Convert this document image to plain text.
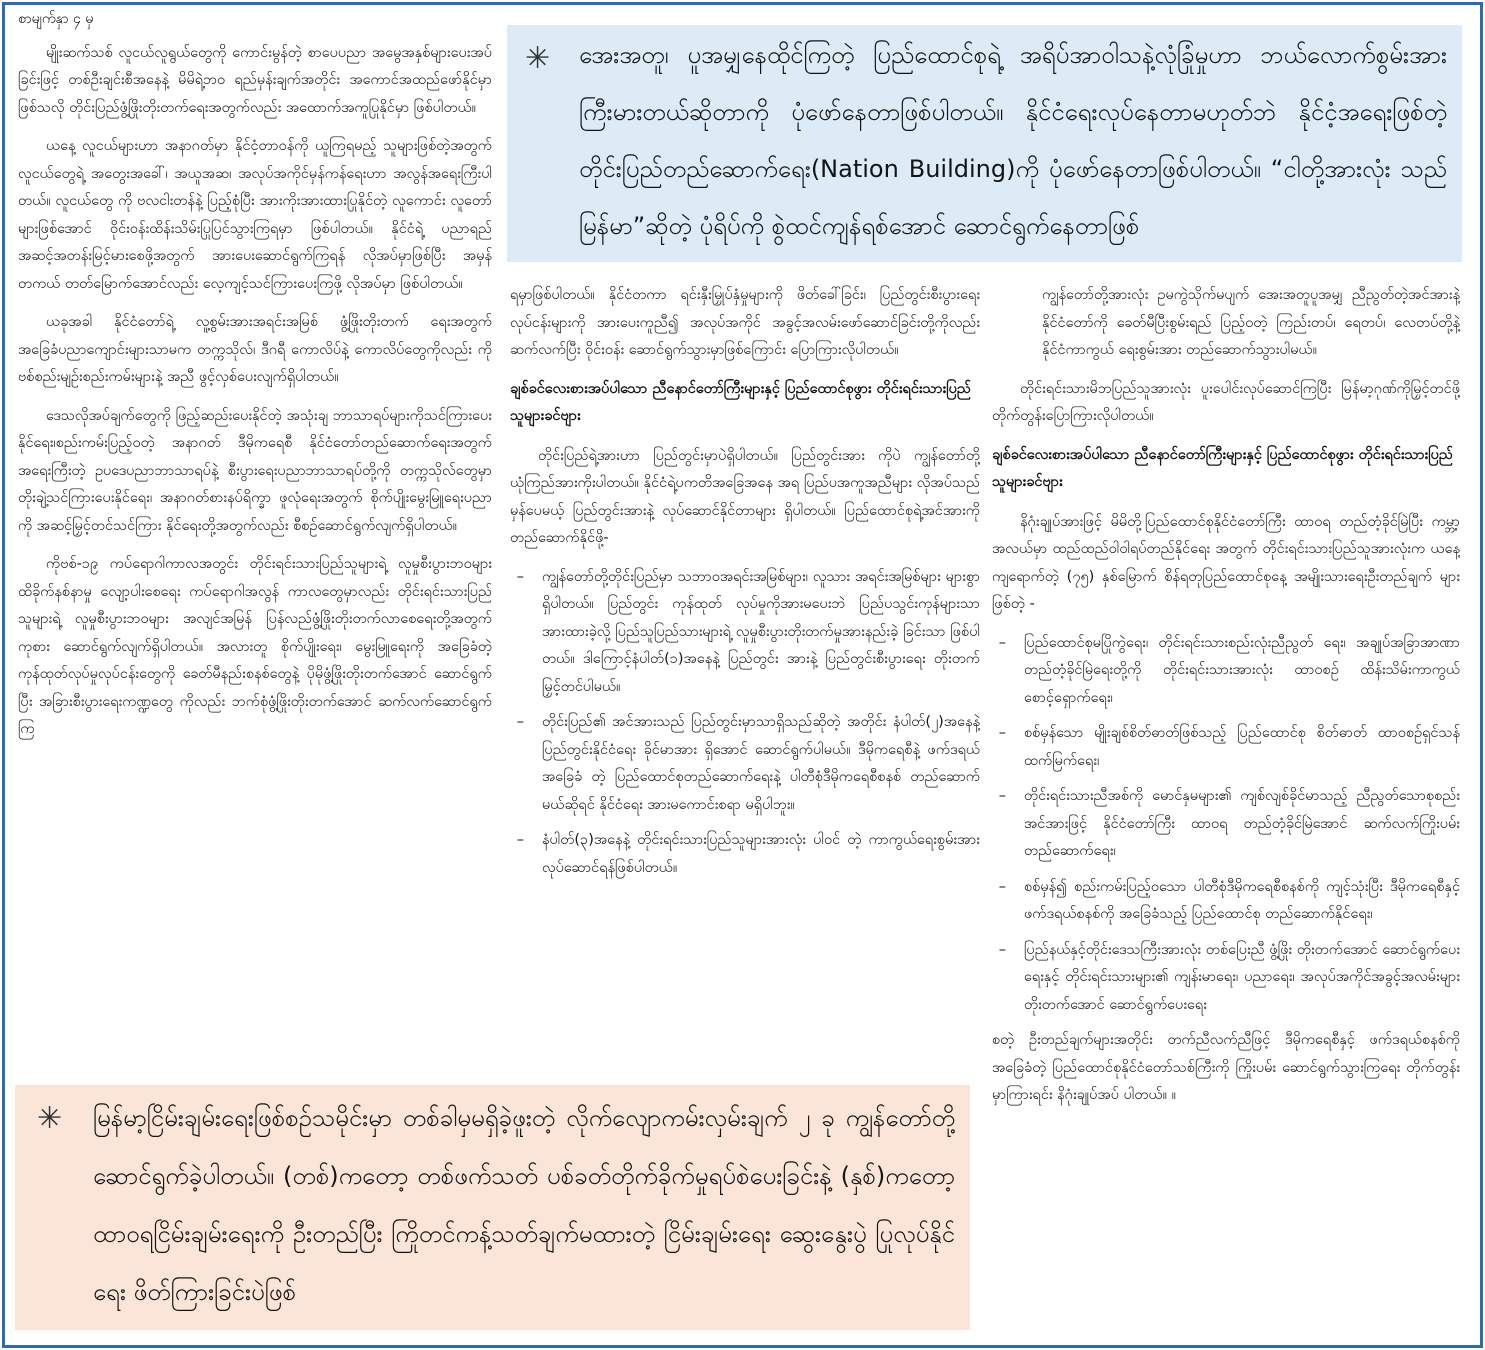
စာမျက်နှာ ၄ မှ

မျိုးဆက်သစ် လူငယ်လူရွယ်တွေကို ကောင်းမွန်တဲ့ စာပေပညာ အမွေအနှစ်များပေးအပ်ခြင်းဖြင့် တစ်ဦးချင်းစီအနေနဲ့ မိမိရဲ့ဘဝ ရည်မှန်းချက်အတိုင်း အကောင်အထည်ဖော်နိုင်မှာဖြစ်သလို တိုင်းပြည်ဖွံ့ဖြိုးတိုးတက်ရေးအတွက်လည်း အထောက်အကူပြုနိုင်မှာ ဖြစ်ပါတယ်။

ယနေ့ လူငယ်များဟာ အနာဂတ်မှာ နိုင်ငံ့တာဝန်ကို ယူကြရမည့် သူများဖြစ်တဲ့အတွက် လူငယ်တွေရဲ့ အတွေးအခေါ်၊ အယူအဆ၊ အလုပ်အကိုင်မှန်ကန်ရေးဟာ အလွန်အရေးကြီးပါတယ်။ လူငယ်တွေ ကို ဗလငါးတန်နဲ့ ပြည့်စုံပြီး အားကိုးအားထားပြုနိုင်တဲ့ လူကောင်း လူတော်များဖြစ်အောင် ဝိုင်းဝန်းထိန်းသိမ်းပြုပြင်သွားကြရမှာ ဖြစ်ပါတယ်။ နိုင်ငံရဲ့ ပညာရည်အဆင့်အတန်းမြင့်မားစေဖို့အတွက် အားပေးဆောင်ရွက်ကြရန် လိုအပ်မှာဖြစ်ပြီး အမှန်တကယ် တတ်မြောက်အောင်လည်း လေ့ကျင့်သင်ကြားပေးကြဖို့ လိုအပ်မှာ ဖြစ်ပါတယ်။

ယခုအခါ နိုင်ငံတော်ရဲ့ လူ့စွမ်းအားအရင်းအမြစ် ဖွံ့ဖြိုးတိုးတက် ရေးအတွက် အခြေခံပညာကျောင်းများသာမက တက္ကသိုလ်၊ ဒီဂရီ ကောလိပ်နဲ့ ကောလိပ်တွေကိုလည်း ကိုဗစ်စည်းမျဉ်းစည်းကမ်းများနဲ့ အညီ ဖွင့်လှစ်ပေးလျက်ရှိပါတယ်။

ဒေသလိုအပ်ချက်တွေကို ဖြည့်ဆည်းပေးနိုင်တဲ့ အသုံးချ ဘာသာရပ်များကိုသင်ကြားပေးနိုင်ရေး၊စည်းကမ်းပြည့်ဝတဲ့ အနာဂတ် ဒီမိုကရေစီ နိုင်ငံတော်တည်ဆောက်ရေးအတွက် အရေးကြီးတဲ့ ဥပဒေပညာဘာသာရပ်နဲ့ စီးပွားရေးပညာဘာသာရပ်တို့ကို တက္ကသိုလ်တွေမှာ တိုးချဲ့သင်ကြားပေးနိုင်ရေး၊ အနာဂတ်စားနပ်ရိက္ခာ ဖူလုံရေးအတွက် စိုက်ပျိုးမွေးမြူရေးပညာကို အဆင့်မြှင့်တင်သင်ကြား နိုင်ရေးတို့အတွက်လည်း စီစဉ်ဆောင်ရွက်လျက်ရှိပါတယ်။

ကိုဗစ်-၁၉ ကပ်ရောဂါကာလအတွင်း တိုင်းရင်းသားပြည်သူများရဲ့ လူမှုစီးပွားဘဝများ ထိခိုက်နစ်နာမှု လျော့ပါးစေရေး ကပ်ရောဂါအလွန် ကာလတွေမှာလည်း တိုင်းရင်းသားပြည်သူများရဲ့ လူမှုစီးပွားဘဝများ အလျင်အမြန် ပြန်လည်ဖွံ့ဖြိုးတိုးတက်လာစေရေးတို့အတွက် ကုစား ဆောင်ရွက်လျက်ရှိပါတယ်။ အလားတူ စိုက်ပျိုးရေး၊ မွေးမြူရေးကို အခြေခံတဲ့ ကုန်ထုတ်လုပ်မှုလုပ်ငန်းတွေကို ခေတ်မီနည်းစနစ်တွေနဲ့ ပိုမိုဖွံ့ဖြိုးတိုးတက်အောင် ဆောင်ရွက်ပြီး အခြားစီးပွားရေးကဏ္ဍတွေ ကိုလည်း ဘက်စုံဖွံ့ဖြိုးတိုးတက်အောင် ဆက်လက်ဆောင်ရွက်ကြ

✳ အေးအတူ၊ ပူအမျှနေထိုင်ကြတဲ့ ပြည်ထောင်စုရဲ့ အရိပ်အာဝါသနဲ့လုံခြုံမှုဟာ ဘယ်လောက်စွမ်းအား ကြီးမားတယ်ဆိုတာကို ပုံဖော်နေတာဖြစ်ပါတယ်။ နိုင်ငံရေးလုပ်နေတာမဟုတ်ဘဲ နိုင်ငံ့အရေးဖြစ်တဲ့ တိုင်းပြည်တည်ဆောက်ရေး(Nation Building)ကို ပုံဖော်နေတာဖြစ်ပါတယ်။ “ငါတို့အားလုံး သည် မြန်မာ”ဆိုတဲ့ ပုံရိပ်ကို စွဲထင်ကျန်ရစ်အောင် ဆောင်ရွက်နေတာဖြစ်

ရမှာဖြစ်ပါတယ်။ နိုင်ငံတကာ ရင်းနှီးမြှုပ်နှံမှုများကို ဖိတ်ခေါ်ခြင်း၊ ပြည်တွင်းစီးပွားရေးလုပ်ငန်းများကို အားပေးကူညီ၍ အလုပ်အကိုင် အခွင့်အလမ်းဖော်ဆောင်ခြင်းတို့ကိုလည်း ဆက်လက်ပြီး ဝိုင်းဝန်း ဆောင်ရွက်သွားမှာဖြစ်ကြောင်း ပြောကြားလိုပါတယ်။

ချစ်ခင်လေးစားအပ်ပါသော ညီနောင်တော်ကြီးများနှင့် ပြည်ထောင်စုဖွား တိုင်းရင်းသားပြည်သူများခင်ဗျား

တိုင်းပြည်ရဲ့အားဟာ ပြည်တွင်းမှာပဲရှိပါတယ်။ ပြည်တွင်းအား ကိုပဲ ကျွန်တော်တို့ယုံကြည်အားကိုးပါတယ်။ နိုင်ငံရဲ့ပကတိအခြေအနေ အရ ပြည်ပအကူအညီများ လိုအပ်သည်မှန်ပေမယ့် ပြည်တွင်းအားနဲ့ လုပ်ဆောင်နိုင်တာများ ရှိပါတယ်။ ပြည်ထောင်စုရဲ့အင်အားကို တည်ဆောက်နိုင်ဖို့-

–	ကျွန်တော်တို့တိုင်းပြည်မှာ သဘာဝအရင်းအမြစ်များ၊ လူသား အရင်းအမြစ်များ များစွာရှိပါတယ်။ ပြည်တွင်း ကုန်ထုတ် လုပ်မှုကိုအားမပေးဘဲ ပြည်ပသွင်းကုန်များသာ အားထားခဲ့လို့ ပြည်သူပြည်သားများရဲ့ လူမှုစီးပွားတိုးတက်မှုအားနည်းခဲ့ ခြင်းသာ ဖြစ်ပါတယ်။ ဒါကြောင့်နံပါတ်(၁)အနေနဲ့ ပြည်တွင်း အားနဲ့ ပြည်တွင်းစီးပွားရေး တိုးတက်မြှင့်တင်ပါမယ်။
–	တိုင်းပြည်၏ အင်အားသည် ပြည်တွင်းမှာသာရှိသည်ဆိုတဲ့ အတိုင်း နံပါတ်(၂)အနေနဲ့ ပြည်တွင်းနိုင်ငံရေး ခိုင်မာအား ရှိအောင် ဆောင်ရွက်ပါမယ်။ ဒီမိုကရေစီနဲ့ ဖက်ဒရယ်အခြေခံ တဲ့ ပြည်ထောင်စုတည်ဆောက်ရေးနဲ့ ပါတီစုံဒီမိုကရေစီစနစ် တည်ဆောက်မယ်ဆိုရင် နိုင်ငံရေး အားမကောင်းစရာ မရှိပါဘူး။
–	နံပါတ်(၃)အနေနဲ့ တိုင်းရင်းသားပြည်သူများအားလုံး ပါဝင် တဲ့ ကာကွယ်ရေးစွမ်းအား လုပ်ဆောင်ရန်ဖြစ်ပါတယ်။

ကျွန်တော်တို့အားလုံး ဥမကွဲသိုက်မပျက် အေးအတူပူအမျှ ညီညွတ်တဲ့အင်အားနဲ့ နိုင်ငံတော်ကို ခေတ်မီပြီးစွမ်းရည် ပြည့်ဝတဲ့ ကြည်းတပ်၊ ရေတပ်၊ လေတပ်တို့နဲ့ နိုင်ငံကာကွယ် ရေးစွမ်းအား တည်ဆောက်သွားပါမယ်။

တိုင်းရင်းသားမိဘပြည်သူအားလုံး ပူးပေါင်းလုပ်ဆောင်ကြပြီး မြန်မာ့ဂုဏ်ကိုမြှင့်တင်ဖို့ တိုက်တွန်းပြောကြားလိုပါတယ်။

ချစ်ခင်လေးစားအပ်ပါသော ညီနောင်တော်ကြီးများနှင့် ပြည်ထောင်စုဖွား တိုင်းရင်းသားပြည်သူများခင်ဗျား

နိဂုံးချုပ်အားဖြင့် မိမိတို့ပြည်ထောင်စုနိုင်ငံတော်ကြီး ထာဝရ တည်တံ့ခိုင်မြဲပြီး ကမ္ဘာ့အလယ်မှာ ထည်ထည်ဝါဝါရပ်တည်နိုင်ရေး အတွက် တိုင်းရင်းသားပြည်သူအားလုံးက ယနေ့ကျရောက်တဲ့ (၇၅) နှစ်မြောက် စိန်ရတုပြည်ထောင်စုနေ့ အမျိုးသားရေးဦးတည်ချက် များ ဖြစ်တဲ့ -

–	ပြည်ထောင်စုမပြိုကွဲရေး၊ တိုင်းရင်းသားစည်းလုံးညီညွတ် ရေး၊ အချုပ်အခြာအာဏာ တည်တံ့ခိုင်မြဲရေးတို့ကို တိုင်းရင်းသားအားလုံး ထာဝစဉ် ထိန်းသိမ်းကာကွယ် စောင့်ရှောက်ရေး၊
–	စစ်မှန်သော မျိုးချစ်စိတ်ဓာတ်ဖြစ်သည့် ပြည်ထောင်စု စိတ်ဓာတ် ထာဝစဉ်ရှင်သန်ထက်မြက်ရေး၊
–	တိုင်းရင်းသားညီအစ်ကို မောင်နှမများ၏ ကျစ်လျစ်ခိုင်မာသည့် ညီညွတ်သောစုစည်းအင်အားဖြင့် နိုင်ငံတော်ကြီး ထာဝရ တည်တံ့ခိုင်မြဲအောင် ဆက်လက်ကြိုးပမ်းတည်ဆောက်ရေး၊
–	စစ်မှန်၍ စည်းကမ်းပြည့်ဝသော ပါတီစုံဒီမိုကရေစီစနစ်ကို ကျင့်သုံးပြီး ဒီမိုကရေစီနှင့် ဖက်ဒရယ်စနစ်ကို အခြေခံသည့် ပြည်ထောင်စု တည်ဆောက်နိုင်ရေး၊
–	ပြည်နယ်နှင့်တိုင်းဒေသကြီးအားလုံး တစ်ပြေးညီ ဖွံ့ဖြိုး တိုးတက်အောင် ဆောင်ရွက်ပေးရေးနှင့် တိုင်းရင်းသားများ၏ ကျန်းမာရေး၊ ပညာရေး၊ အလုပ်အကိုင်အခွင့်အလမ်းများ တိုးတက်အောင် ဆောင်ရွက်ပေးရေး

စတဲ့ ဦးတည်ချက်များအတိုင်း တက်ညီလက်ညီဖြင့် ဒီမိုကရေစီနှင့် ဖက်ဒရယ်စနစ်ကိုအခြေခံတဲ့ ပြည်ထောင်စုနိုင်ငံတော်သစ်ကြီးကို ကြိုးပမ်း ဆောင်ရွက်သွားကြရေး တိုက်တွန်းမှာကြားရင်း နိဂုံးချုပ်အပ် ပါတယ်။ ။

✳ မြန်မာ့ငြိမ်းချမ်းရေးဖြစ်စဉ်သမိုင်းမှာ တစ်ခါမှမရှိခဲ့ဖူးတဲ့ လိုက်လျောကမ်းလှမ်းချက် ၂ ခု ကျွန်တော်တို့ ဆောင်ရွက်ခဲ့ပါတယ်။ (တစ်)ကတော့ တစ်ဖက်သတ် ပစ်ခတ်တိုက်ခိုက်မှုရပ်စဲပေးခြင်းနဲ့ (နှစ်)ကတော့ ထာဝရငြိမ်းချမ်းရေးကို ဦးတည်ပြီး ကြိုတင်ကန့်သတ်ချက်မထားတဲ့ ငြိမ်းချမ်းရေး ဆွေးနွေးပွဲ ပြုလုပ်နိုင်ရေး ဖိတ်ကြားခြင်းပဲဖြစ်
